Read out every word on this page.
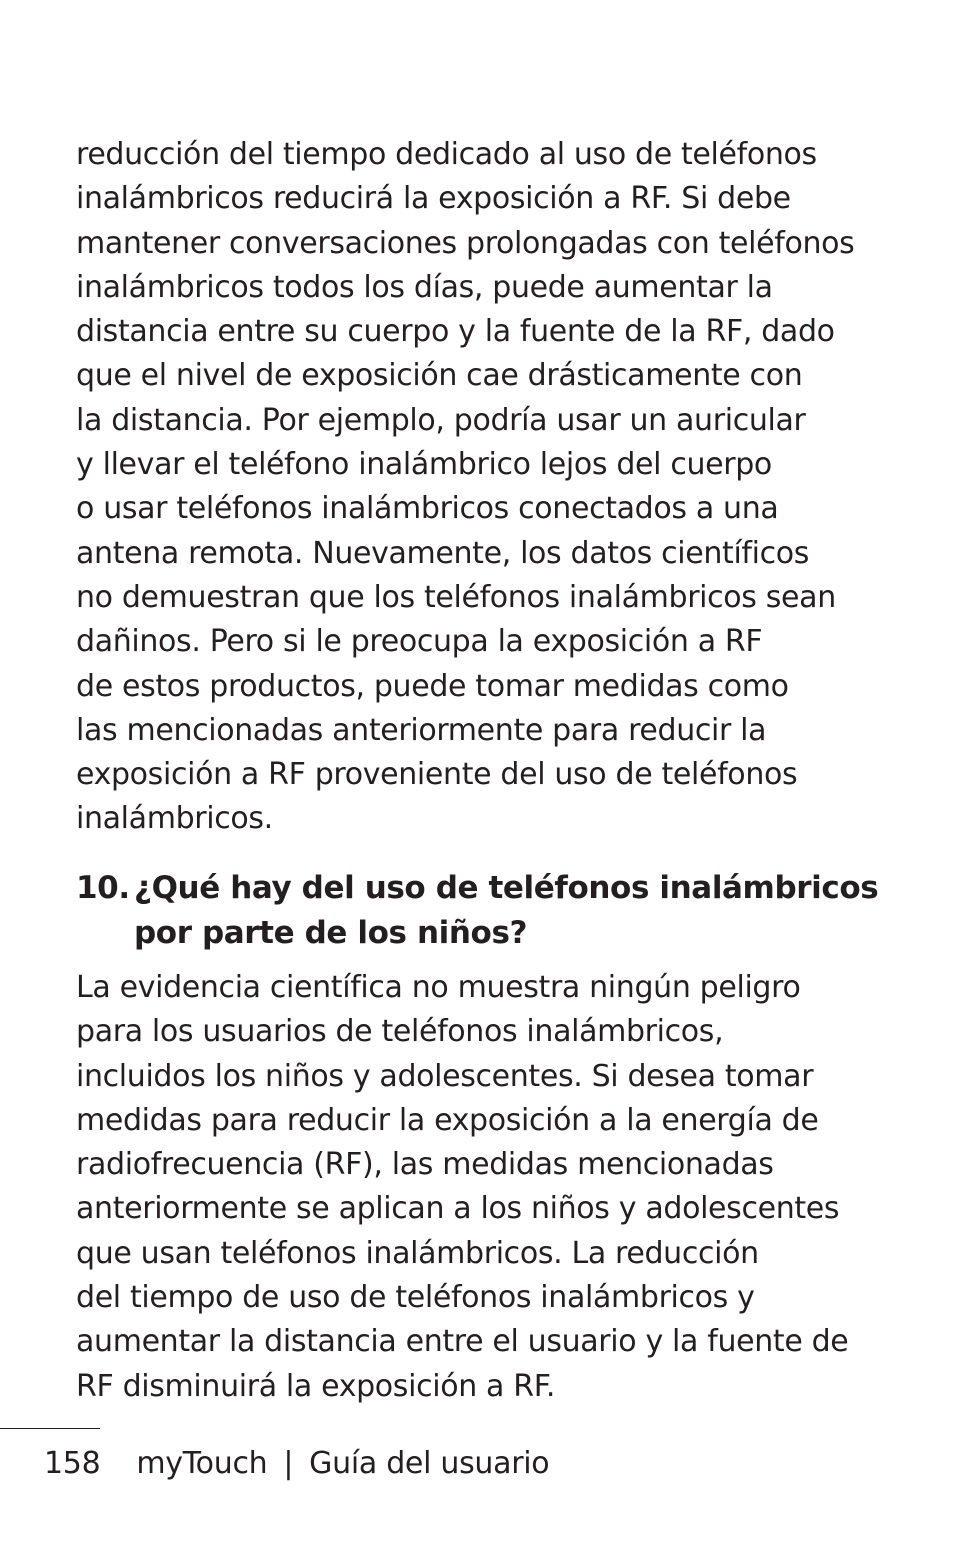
reducción del tiempo dedicado al uso de teléfonos
inalámbricos reducirá la exposición a RF. Si debe
mantener conversaciones prolongadas con teléfonos
inalámbricos todos los días, puede aumentar la
distancia entre su cuerpo y la fuente de la RF, dado
que el nivel de exposición cae drásticamente con
la distancia. Por ejemplo, podría usar un auricular
y llevar el teléfono inalámbrico lejos del cuerpo
o usar teléfonos inalámbricos conectados a una
antena remota. Nuevamente, los datos científicos
no demuestran que los teléfonos inalámbricos sean
dañinos. Pero si le preocupa la exposición a RF
de estos productos, puede tomar medidas como
las mencionadas anteriormente para reducir la
exposición a RF proveniente del uso de teléfonos
inalámbricos.

10. ¿Qué hay del uso de teléfonos inalámbricos
por parte de los niños?

La evidencia científica no muestra ningún peligro
para los usuarios de teléfonos inalámbricos,
incluidos los niños y adolescentes. Si desea tomar
medidas para reducir la exposición a la energía de
radiofrecuencia (RF), las medidas mencionadas
anteriormente se aplican a los niños y adolescentes
que usan teléfonos inalámbricos. La reducción
del tiempo de uso de teléfonos inalámbricos y
aumentar la distancia entre el usuario y la fuente de
RF disminuirá la exposición a RF.

158 myTouch | Guía del usuario
